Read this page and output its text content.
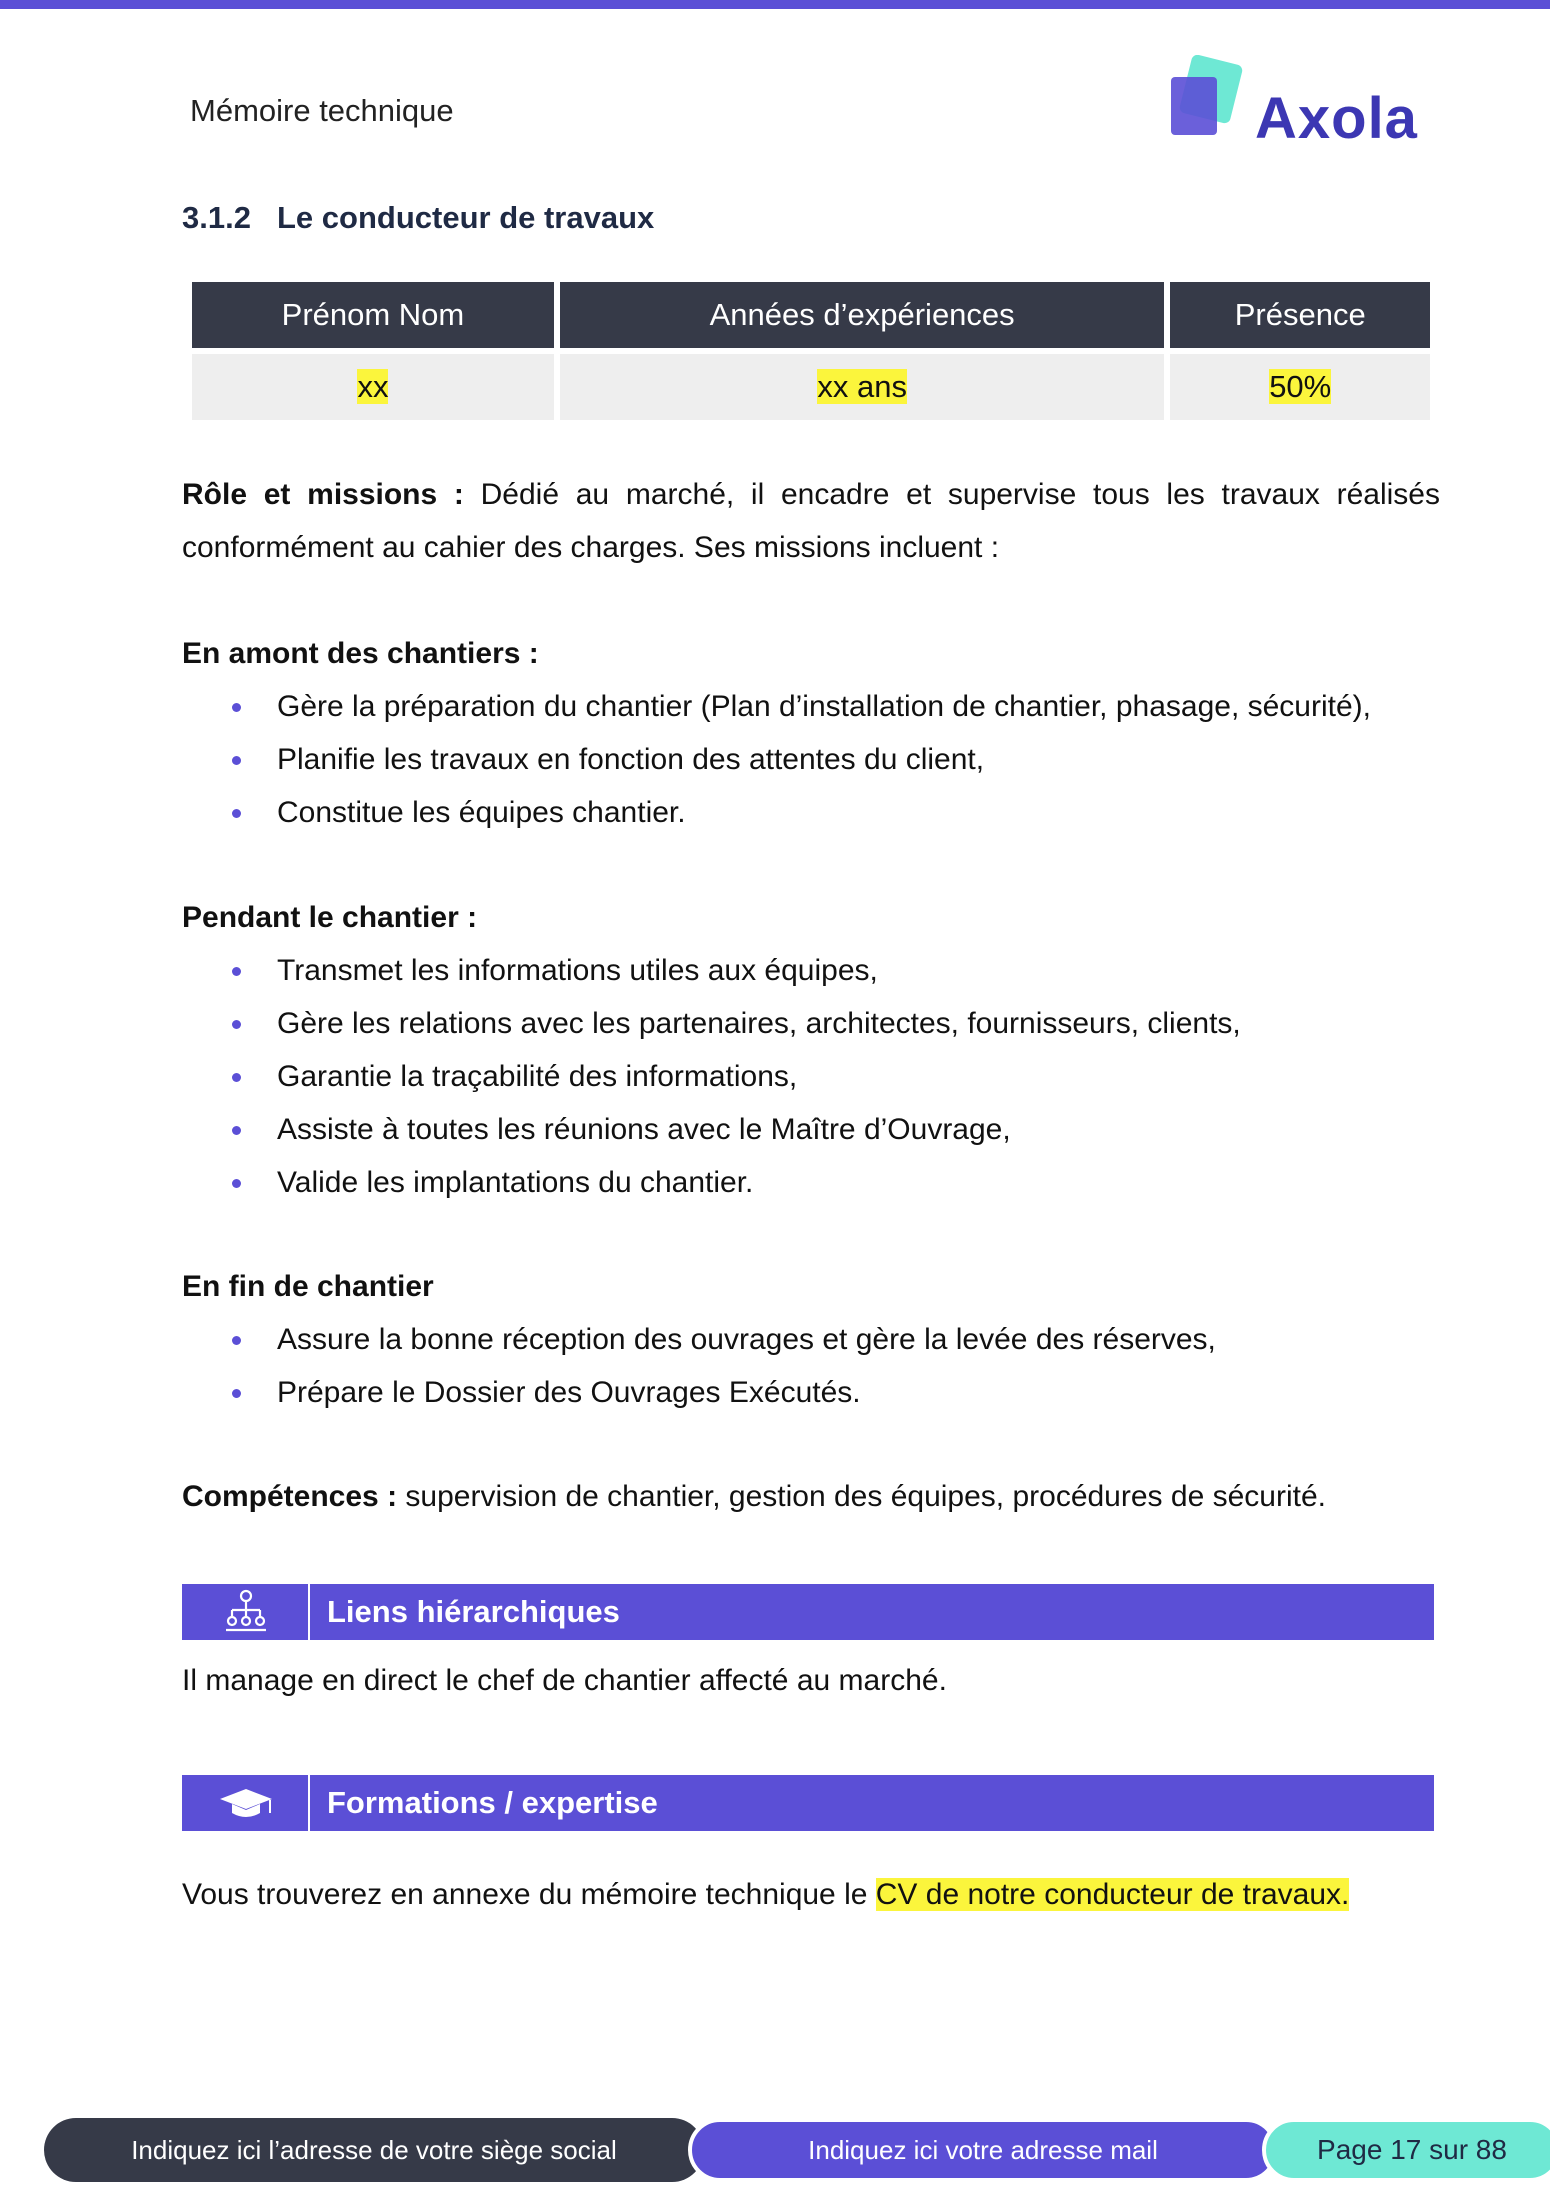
Mémoire technique	Axola
3.1.2 Le conducteur de travaux
Prénom Nom	Années d’expériences	Présence
xx	xx ans	50%

Rôle et missions : Dédié au marché, il encadre et supervise tous les travaux réalisés conformément au cahier des charges. Ses missions incluent :

En amont des chantiers :
Gère la préparation du chantier (Plan d’installation de chantier, phasage, sécurité),
Planifie les travaux en fonction des attentes du client,
Constitue les équipes chantier.
Pendant le chantier :
Transmet les informations utiles aux équipes,
Gère les relations avec les partenaires, architectes, fournisseurs, clients,
Garantie la traçabilité des informations,
Assiste à toutes les réunions avec le Maître d’Ouvrage,
Valide les implantations du chantier.
En fin de chantier
Assure la bonne réception des ouvrages et gère la levée des réserves,
Prépare le Dossier des Ouvrages Exécutés.

Compétences : supervision de chantier, gestion des équipes, procédures de sécurité.

Liens hiérarchiques

Il manage en direct le chef de chantier affecté au marché.

Formations / expertise

Vous trouverez en annexe du mémoire technique le CV de notre conducteur de travaux.

Indiquez ici l’adresse de votre siège social	Indiquez ici votre adresse mail	Page 17 sur 88
